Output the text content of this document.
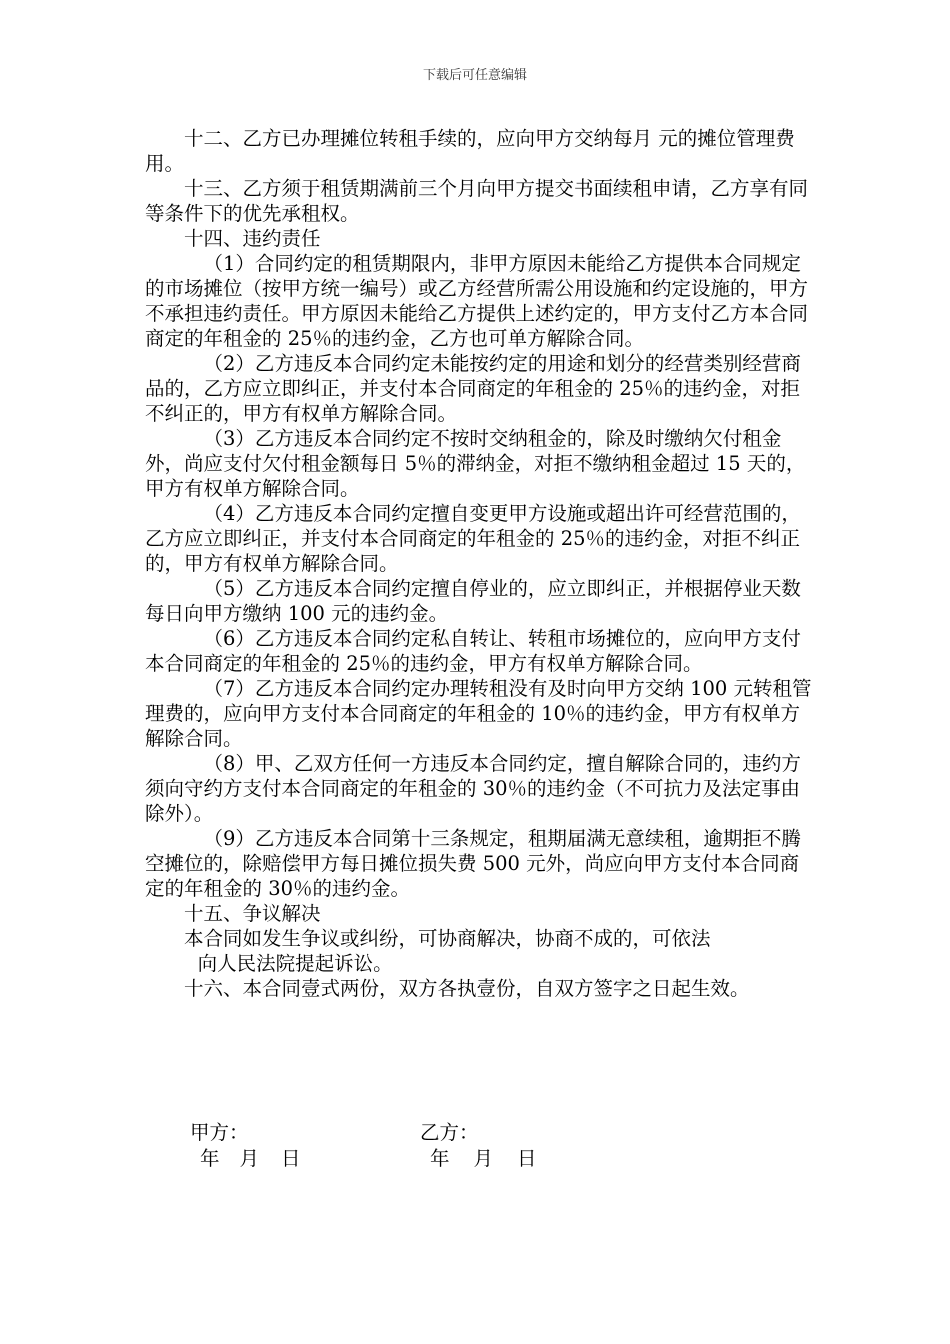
下载后可任意编辑

十二、乙方已办理摊位转租手续的，应向甲方交纳每月 元的摊位管理费用。

十三、乙方须于租赁期满前三个月向甲方提交书面续租申请，乙方享有同等条件下的优先承租权。

十四、违约责任

（1）合同约定的租赁期限内，非甲方原因未能给乙方提供本合同规定的市场摊位（按甲方统一编号）或乙方经营所需公用设施和约定设施的，甲方不承担违约责任。甲方原因未能给乙方提供上述约定的，甲方支付乙方本合同商定的年租金的 25％的违约金，乙方也可单方解除合同。

（2）乙方违反本合同约定未能按约定的用途和划分的经营类别经营商品的，乙方应立即纠正，并支付本合同商定的年租金的 25％的违约金，对拒不纠正的，甲方有权单方解除合同。

（3）乙方违反本合同约定不按时交纳租金的，除及时缴纳欠付租金外，尚应支付欠付租金额每日 5％的滞纳金，对拒不缴纳租金超过 15 天的，甲方有权单方解除合同。

（4）乙方违反本合同约定擅自变更甲方设施或超出许可经营范围的，乙方应立即纠正，并支付本合同商定的年租金的 25％的违约金，对拒不纠正的，甲方有权单方解除合同。

（5）乙方违反本合同约定擅自停业的，应立即纠正，并根据停业天数每日向甲方缴纳 100 元的违约金。

（6）乙方违反本合同约定私自转让、转租市场摊位的，应向甲方支付本合同商定的年租金的 25％的违约金，甲方有权单方解除合同。

（7）乙方违反本合同约定办理转租没有及时向甲方交纳 100 元转租管理费的，应向甲方支付本合同商定的年租金的 10％的违约金，甲方有权单方解除合同。

（8）甲、乙双方任何一方违反本合同约定，擅自解除合同的，违约方须向守约方支付本合同商定的年租金的 30％的违约金（不可抗力及法定事由除外）。

（9）乙方违反本合同第十三条规定，租期届满无意续租，逾期拒不腾空摊位的，除赔偿甲方每日摊位损失费 500 元外，尚应向甲方支付本合同商定的年租金的 30％的违约金。

十五、争议解决

本合同如发生争议或纠纷，可协商解决，协商不成的，可依法

向人民法院提起诉讼。

十六、本合同壹式两份，双方各执壹份，自双方签字之日起生效。

甲方：
年 月 日
乙方：
年 月 日
